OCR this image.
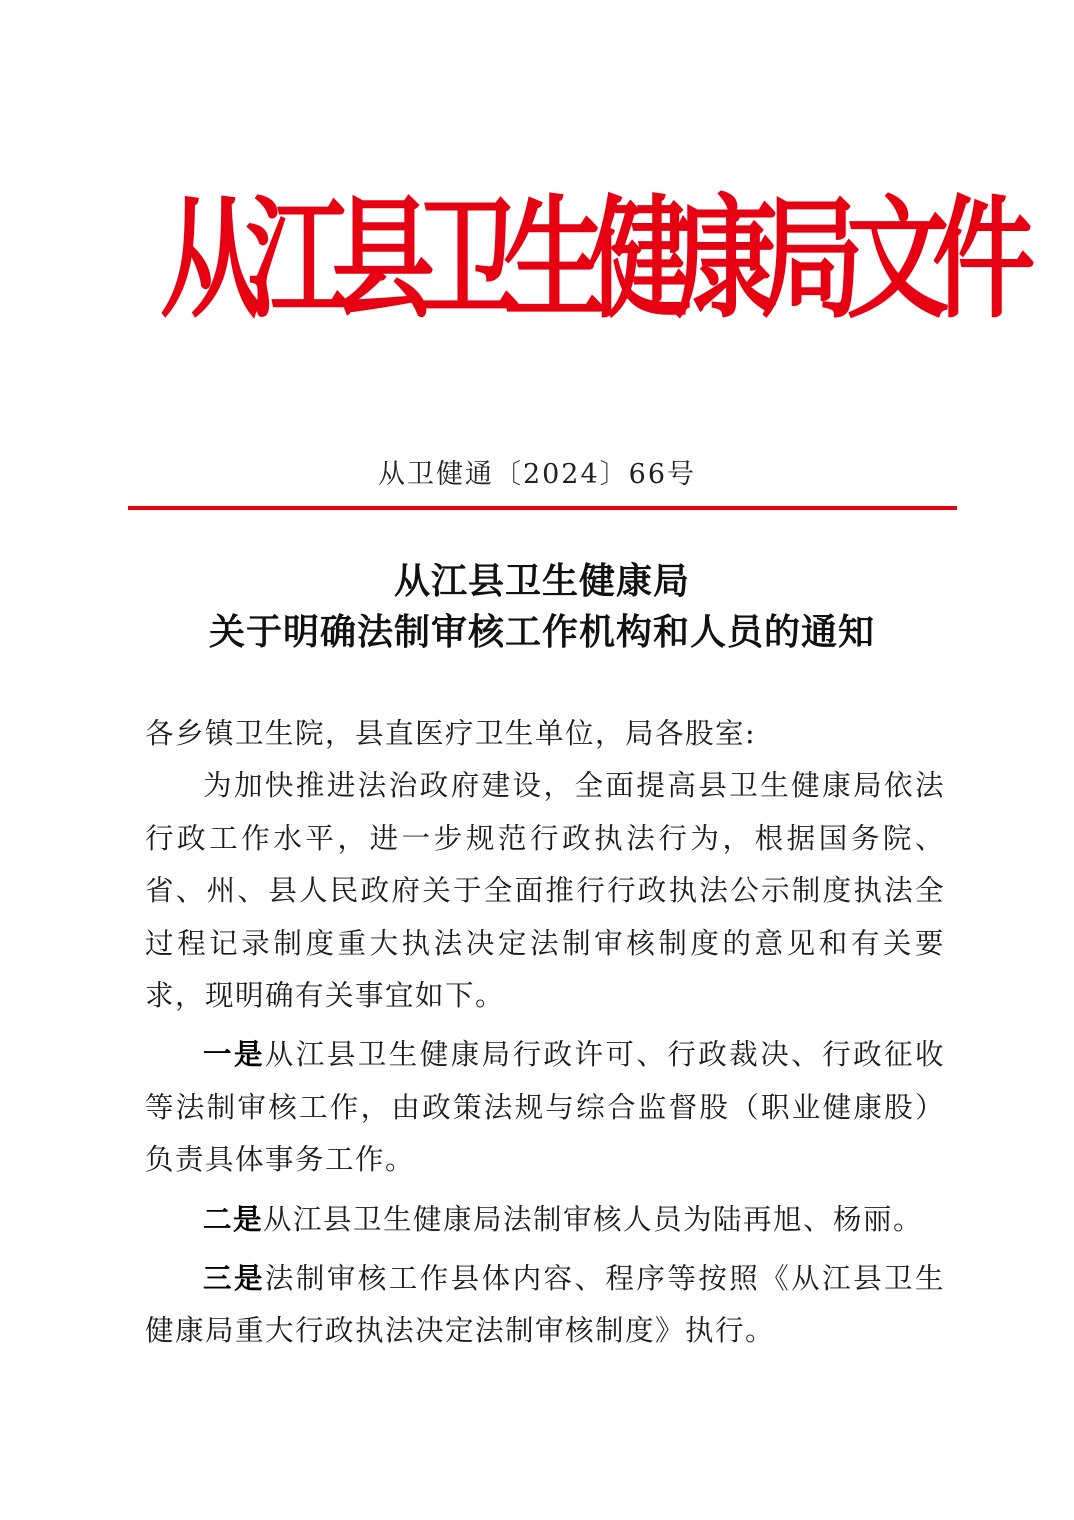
从江县卫生健康局文件
从卫健通〔2024〕66号
从江县卫生健康局
关于明确法制审核工作机构和人员的通知

各乡镇卫生院，县直医疗卫生单位，局各股室:

为加快推进法治政府建设，全面提高县卫生健康局依法行政工作水平，进一步规范行政执法行为，根据国务院、省、州、县人民政府关于全面推行行政执法公示制度执法全过程记录制度重大执法决定法制审核制度的意见和有关要求，现明确有关事宜如下。

一是从江县卫生健康局行政许可、行政裁决、行政征收等法制审核工作，由政策法规与综合监督股（职业健康股）负责具体事务工作。

二是从江县卫生健康局法制审核人员为陆再旭、杨丽。

三是法制审核工作县体内容、程序等按照《从江县卫生健康局重大行政执法决定法制审核制度》执行。
